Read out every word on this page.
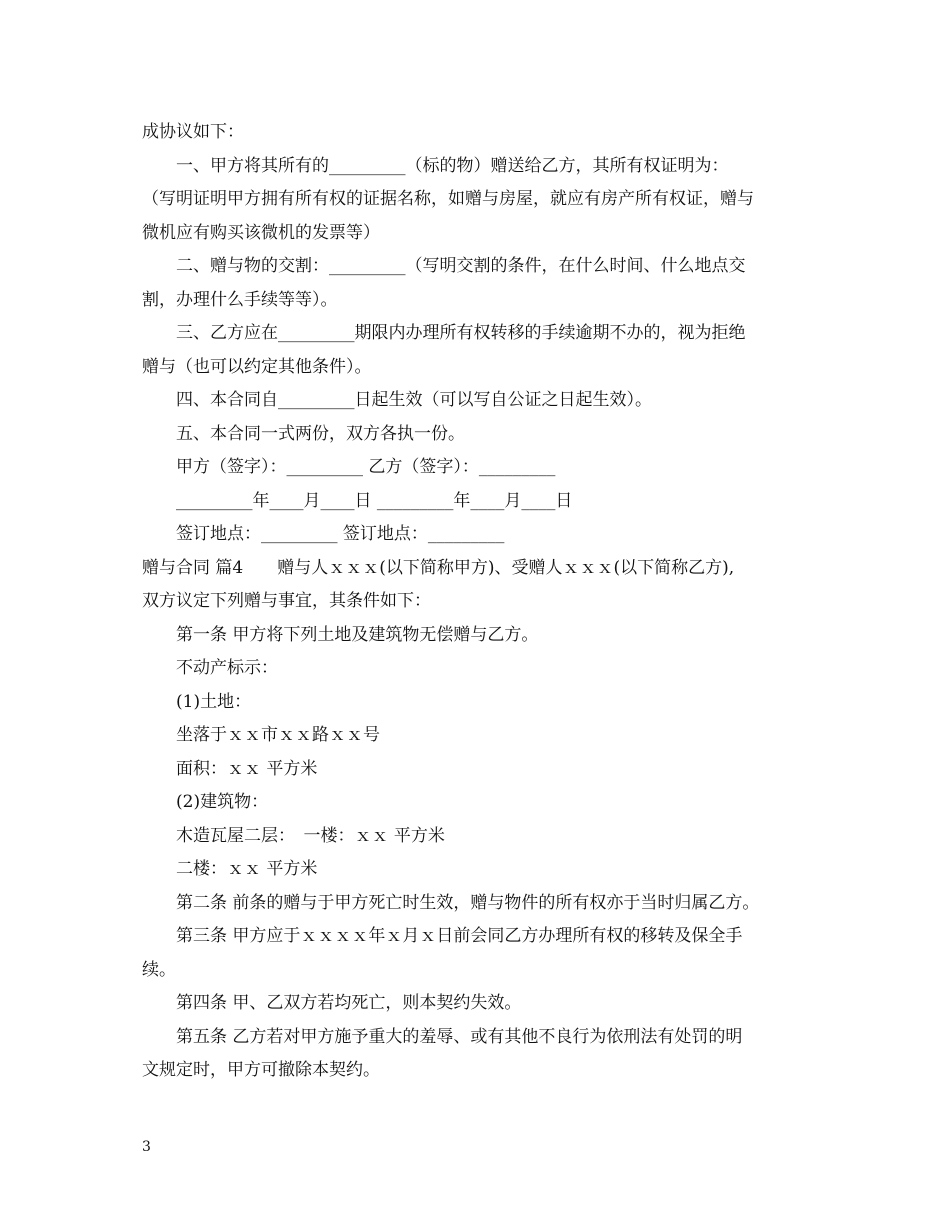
成协议如下：

一、甲方将其所有的_________（标的物）赠送给乙方，其所有权证明为：

（写明证明甲方拥有所有权的证据名称，如赠与房屋，就应有房产所有权证，赠与

微机应有购买该微机的发票等）

二、赠与物的交割：_________（写明交割的条件，在什么时间、什么地点交

割，办理什么手续等等）。

三、乙方应在_________期限内办理所有权转移的手续逾期不办的，视为拒绝

赠与（也可以约定其他条件）。

四、本合同自_________日起生效（可以写自公证之日起生效）。

五、本合同一式两份，双方各执一份。

甲方（签字）：_________ 乙方（签字）：_________

_________年____月____日 _________年____月____日

签订地点：_________ 签订地点：_________

赠与合同 篇4　　赠与人ｘｘｘ(以下简称甲方)、受赠人ｘｘｘ(以下简称乙方),

双方议定下列赠与事宜，其条件如下：

第一条 甲方将下列土地及建筑物无偿赠与乙方。

不动产标示：

(1)土地：

坐落于ｘｘ市ｘｘ路ｘｘ号

面积：ｘｘ 平方米

(2)建筑物：

木造瓦屋二层：　一楼：ｘｘ 平方米

二楼：ｘｘ 平方米

第二条 前条的赠与于甲方死亡时生效，赠与物件的所有权亦于当时归属乙方。

第三条 甲方应于ｘｘｘｘ年ｘ月ｘ日前会同乙方办理所有权的移转及保全手

续。

第四条 甲、乙双方若均死亡，则本契约失效。

第五条 乙方若对甲方施予重大的羞辱、或有其他不良行为依刑法有处罚的明

文规定时，甲方可撤除本契约。

3
